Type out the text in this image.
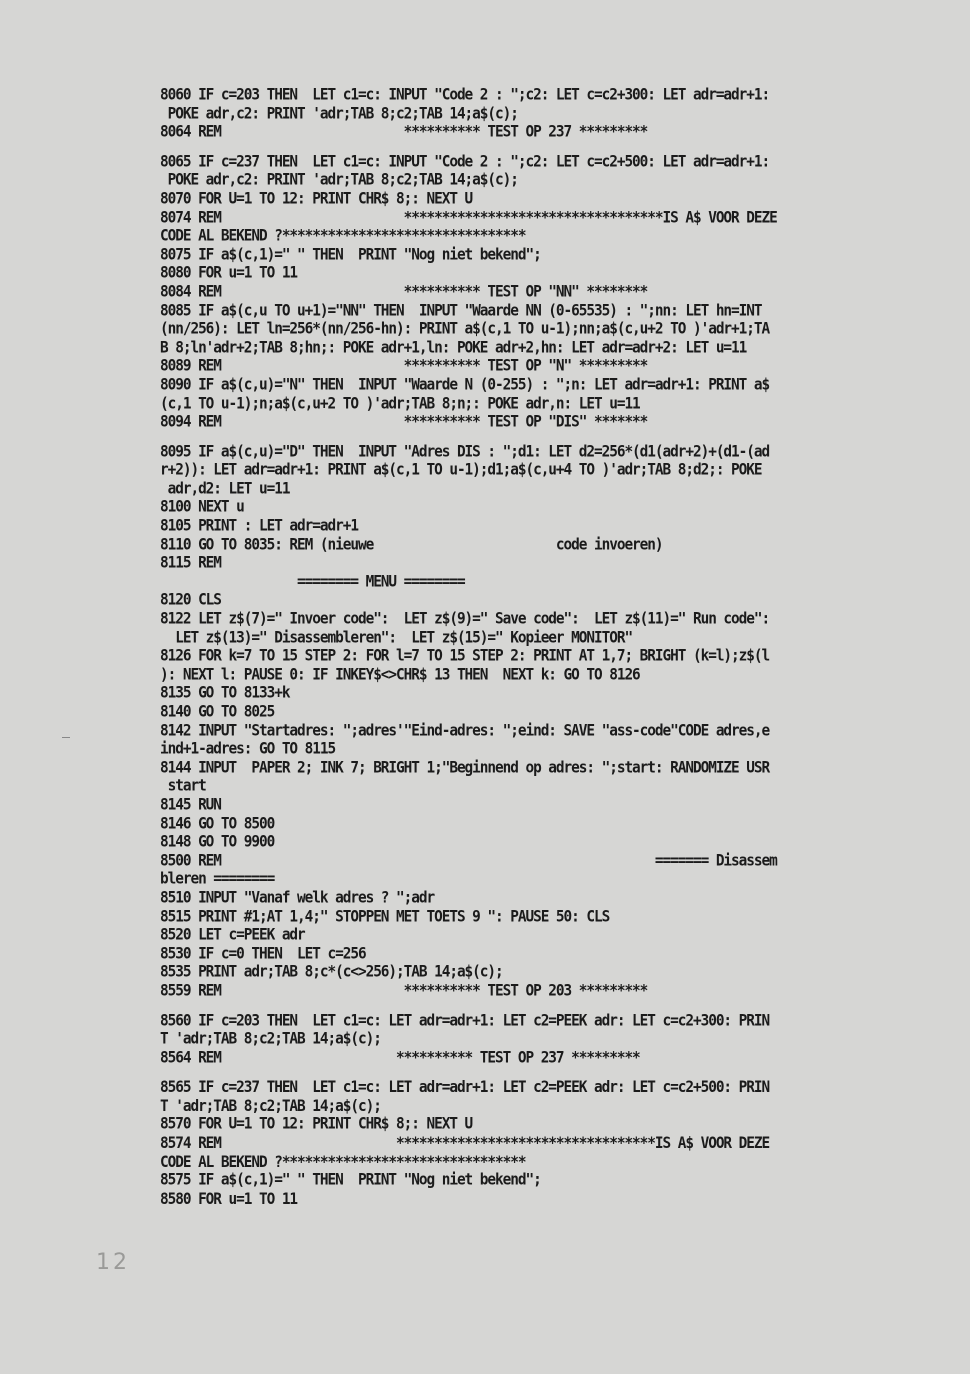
8060 IF c=203 THEN  LET c1=c: INPUT "Code 2 : ";c2: LET c=c2+300: LET adr=adr+1:
POKE adr,c2: PRINT 'adr;TAB 8;c2;TAB 14;a$(c);
8064 REM                        ********** TEST OP 237 *********
8065 IF c=237 THEN  LET c1=c: INPUT "Code 2 : ";c2: LET c=c2+500: LET adr=adr+1:
POKE adr,c2: PRINT 'adr;TAB 8;c2;TAB 14;a$(c);
8070 FOR U=1 TO 12: PRINT CHR$ 8;: NEXT U
8074 REM                        **********************************IS A$ VOOR DEZE
CODE AL BEKEND ?********************************
8075 IF a$(c,1)=" " THEN  PRINT "Nog niet bekend";
8080 FOR u=1 TO 11
8084 REM                        ********** TEST OP "NN" ********
8085 IF a$(c,u TO u+1)="NN" THEN  INPUT "Waarde NN (0-65535) : ";nn: LET hn=INT
(nn/256): LET ln=256*(nn/256-hn): PRINT a$(c,1 TO u-1);nn;a$(c,u+2 TO )'adr+1;TA
B 8;ln'adr+2;TAB 8;hn;: POKE adr+1,ln: POKE adr+2,hn: LET adr=adr+2: LET u=11
8089 REM                        ********** TEST OP "N" *********
8090 IF a$(c,u)="N" THEN  INPUT "Waarde N (0-255) : ";n: LET adr=adr+1: PRINT a$
(c,1 TO u-1);n;a$(c,u+2 TO )'adr;TAB 8;n;: POKE adr,n: LET u=11
8094 REM                        ********** TEST OP "DIS" *******
8095 IF a$(c,u)="D" THEN  INPUT "Adres DIS : ";d1: LET d2=256*(d1(adr+2)+(d1-(ad
r+2)): LET adr=adr+1: PRINT a$(c,1 TO u-1);d1;a$(c,u+4 TO )'adr;TAB 8;d2;: POKE
adr,d2: LET u=11
8100 NEXT u
8105 PRINT : LET adr=adr+1
8110 GO TO 8035: REM (nieuwe                        code invoeren)
8115 REM
======== MENU ========
8120 CLS
8122 LET z$(7)=" Invoer code":  LET z$(9)=" Save code":  LET z$(11)=" Run code":
LET z$(13)=" Disassembleren":  LET z$(15)=" Kopieer MONITOR"
8126 FOR k=7 TO 15 STEP 2: FOR l=7 TO 15 STEP 2: PRINT AT 1,7; BRIGHT (k=l);z$(l
): NEXT l: PAUSE 0: IF INKEY$<>CHR$ 13 THEN  NEXT k: GO TO 8126
8135 GO TO 8133+k
8140 GO TO 8025
8142 INPUT "Startadres: ";adres'"Eind-adres: ";eind: SAVE "ass-code"CODE adres,e
ind+1-adres: GO TO 8115
8144 INPUT  PAPER 2; INK 7; BRIGHT 1;"Beginnend op adres: ";start: RANDOMIZE USR
start
8145 RUN
8146 GO TO 8500
8148 GO TO 9900
8500 REM                                                         ======= Disassem
bleren ========
8510 INPUT "Vanaf welk adres ? ";adr
8515 PRINT #1;AT 1,4;" STOPPEN MET TOETS 9 ": PAUSE 50: CLS
8520 LET c=PEEK adr
8530 IF c=0 THEN  LET c=256
8535 PRINT adr;TAB 8;c*(c<>256);TAB 14;a$(c);
8559 REM                        ********** TEST OP 203 *********
8560 IF c=203 THEN  LET c1=c: LET adr=adr+1: LET c2=PEEK adr: LET c=c2+300: PRIN
T 'adr;TAB 8;c2;TAB 14;a$(c);
8564 REM                       ********** TEST OP 237 *********
8565 IF c=237 THEN  LET c1=c: LET adr=adr+1: LET c2=PEEK adr: LET c=c2+500: PRIN
T 'adr;TAB 8;c2;TAB 14;a$(c);
8570 FOR U=1 TO 12: PRINT CHR$ 8;: NEXT U
8574 REM                       **********************************IS A$ VOOR DEZE
CODE AL BEKEND ?********************************
8575 IF a$(c,1)=" " THEN  PRINT "Nog niet bekend";
8580 FOR u=1 TO 11
12
